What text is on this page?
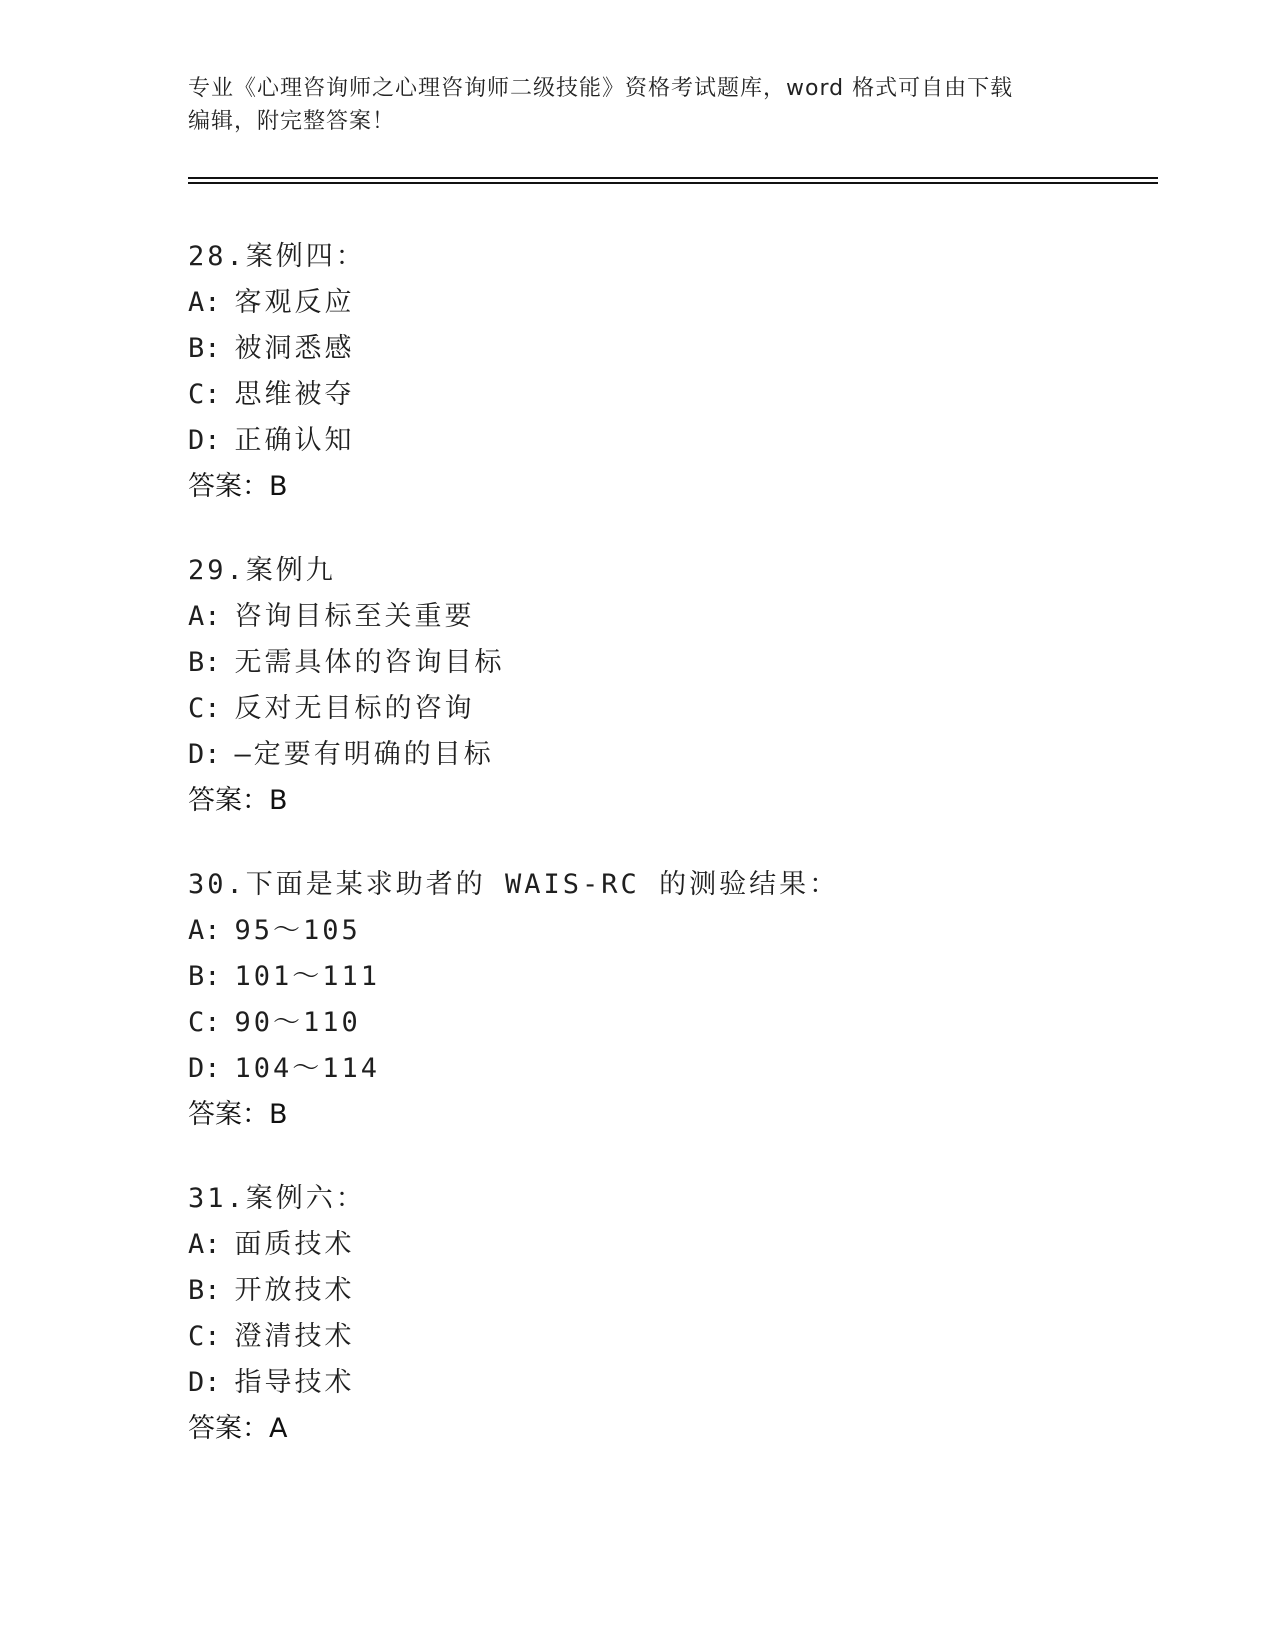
专业《心理咨询师之心理咨询师二级技能》资格考试题库，word 格式可自由下载
编辑，附完整答案！
28.案例四：
A: 客观反应
B: 被洞悉感
C: 思维被夺
D: 正确认知
答案：B
29.案例九
A: 咨询目标至关重要
B: 无需具体的咨询目标
C: 反对无目标的咨询
D: —定要有明确的目标
答案：B
30.下面是某求助者的 WAIS-RC 的测验结果：
A: 95～105
B: 101～111
C: 90～110
D: 104～114
答案：B
31.案例六：
A: 面质技术
B: 开放技术
C: 澄清技术
D: 指导技术
答案：A
